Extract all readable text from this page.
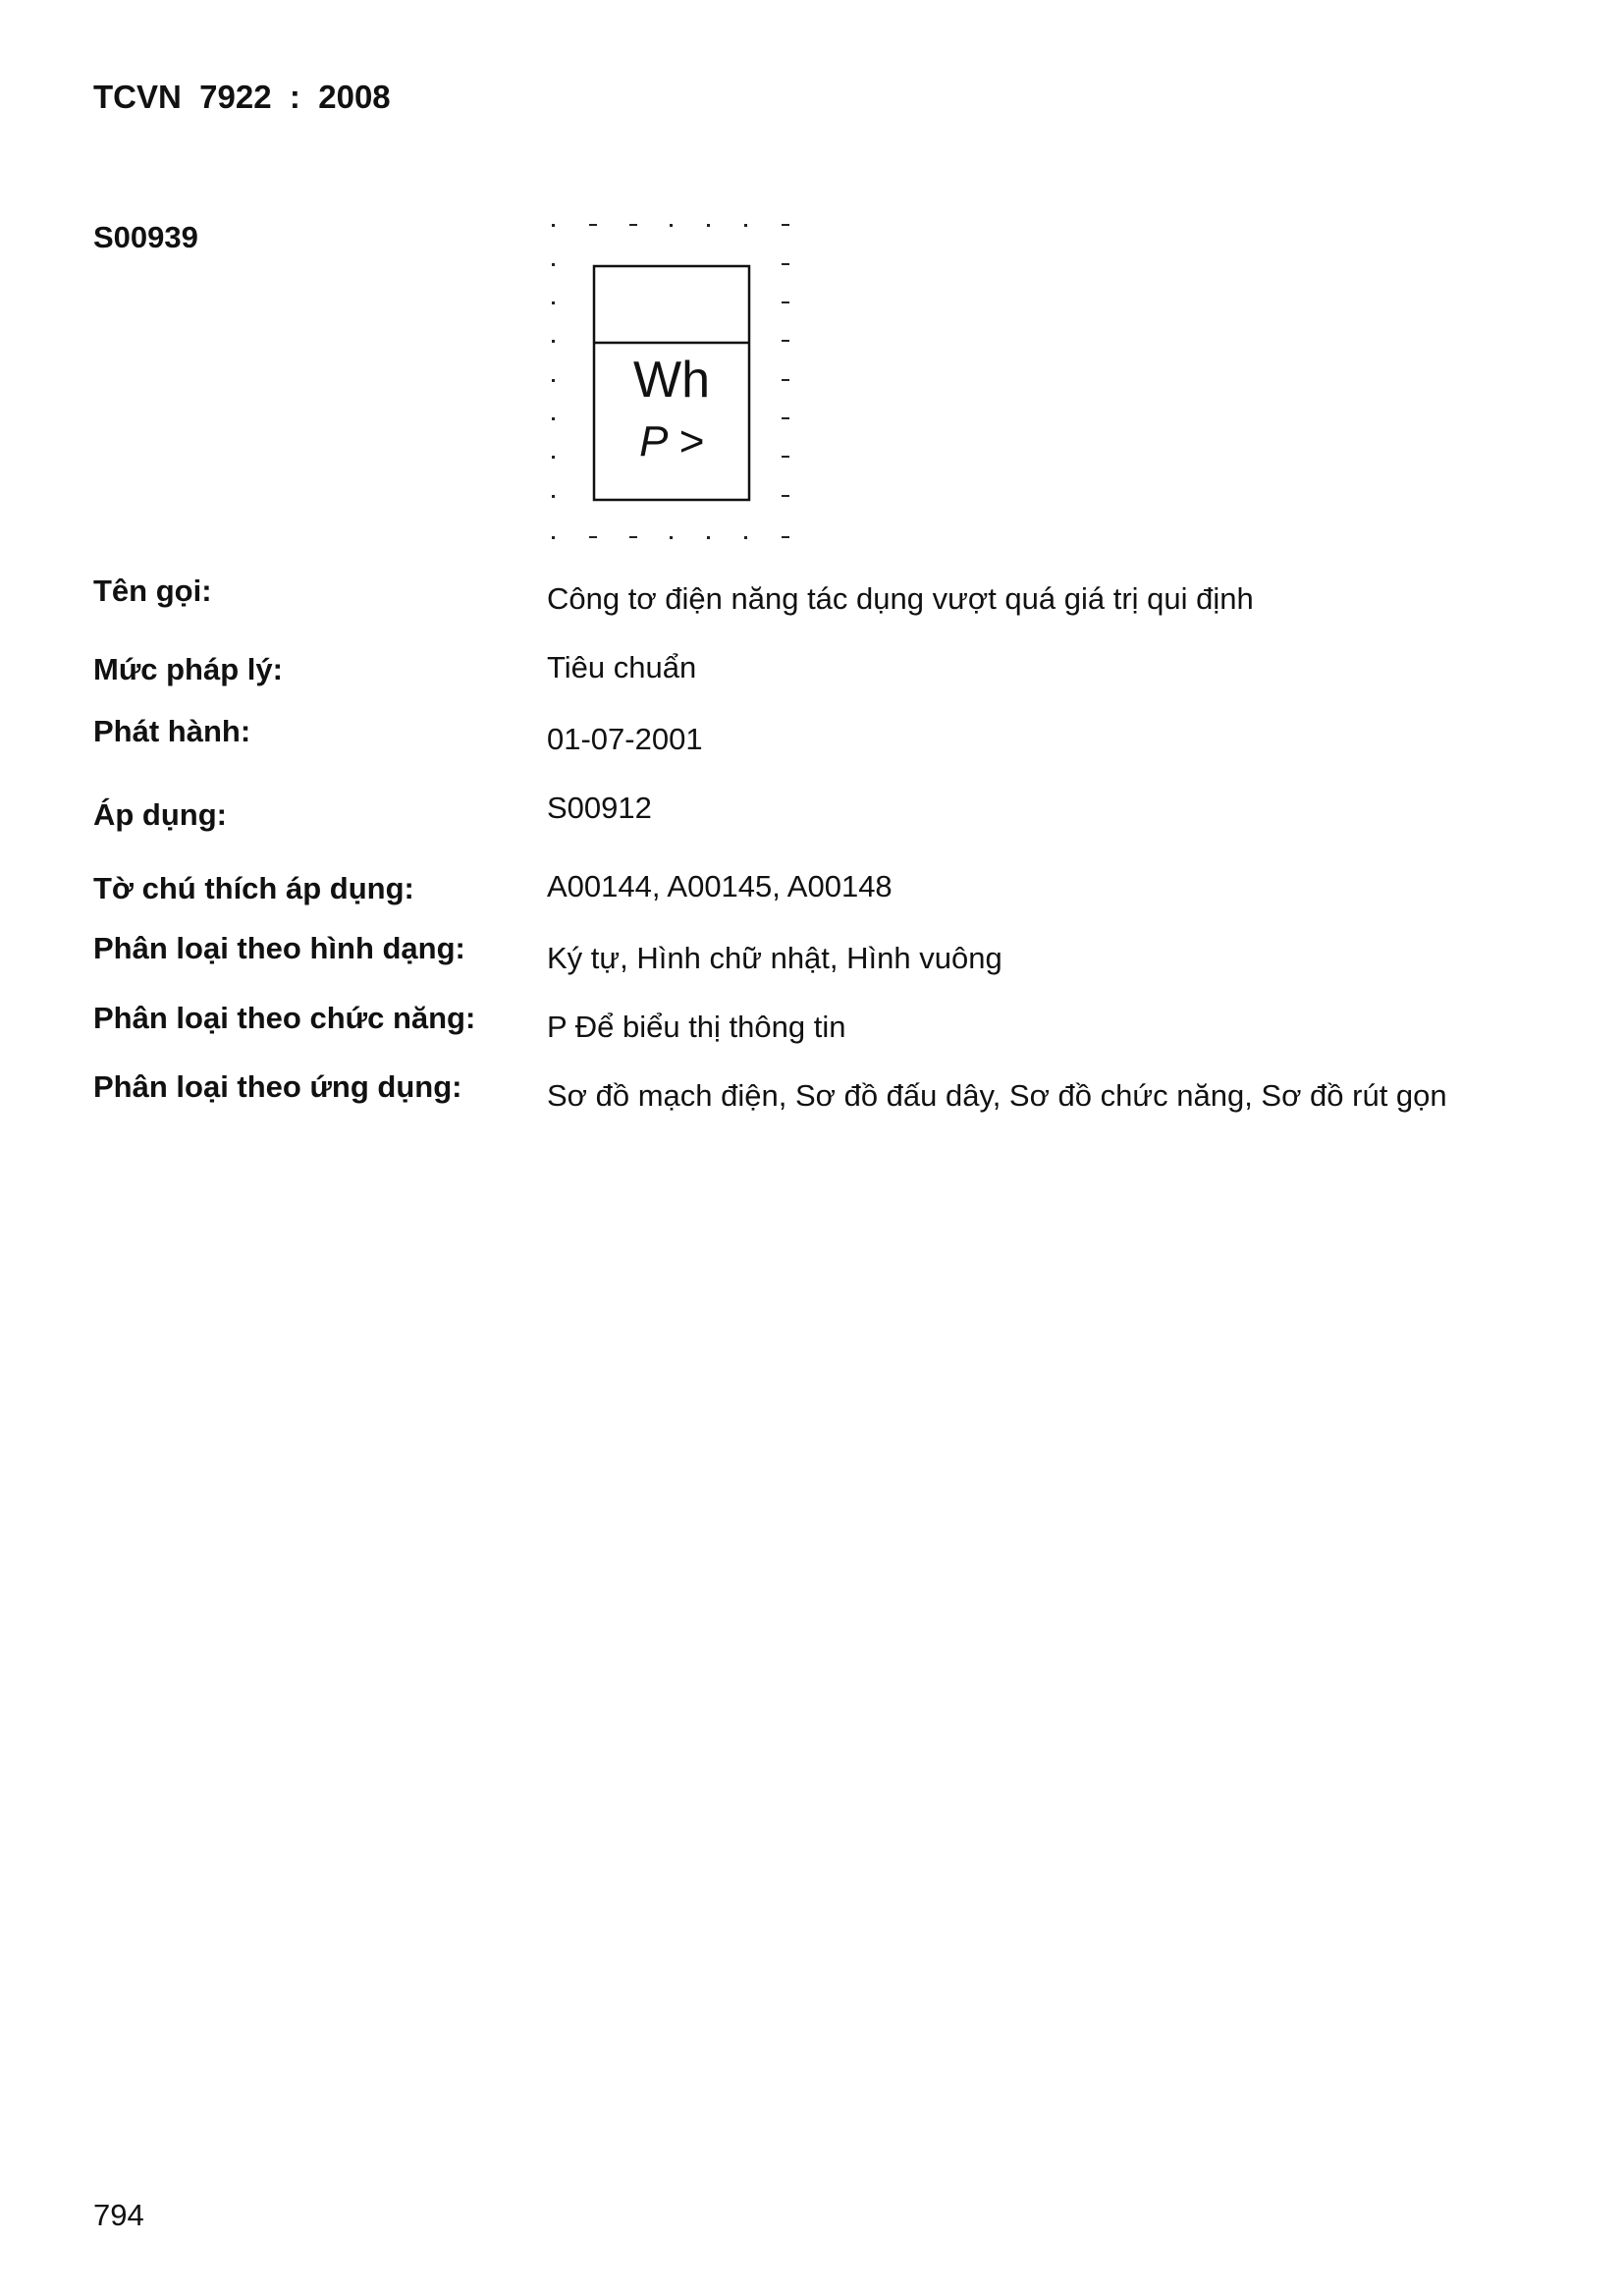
TCVN  7922  :  2008
S00939
Wh
P >
Tên gọi:	Công tơ điện năng tác dụng vượt quá giá trị qui định
Mức pháp lý:	Tiêu chuẩn
Phát hành:	01-07-2001
Áp dụng:	S00912
Tờ chú thích áp dụng:	A00144, A00145, A00148
Phân loại theo hình dạng:	Ký tự, Hình chữ nhật, Hình vuông
Phân loại theo chức năng: P Để biểu thị thông tin
Phân loại theo ứng dụng:	Sơ đồ mạch điện, Sơ đồ đấu dây, Sơ đồ chức năng, Sơ đồ rút gọn
794
